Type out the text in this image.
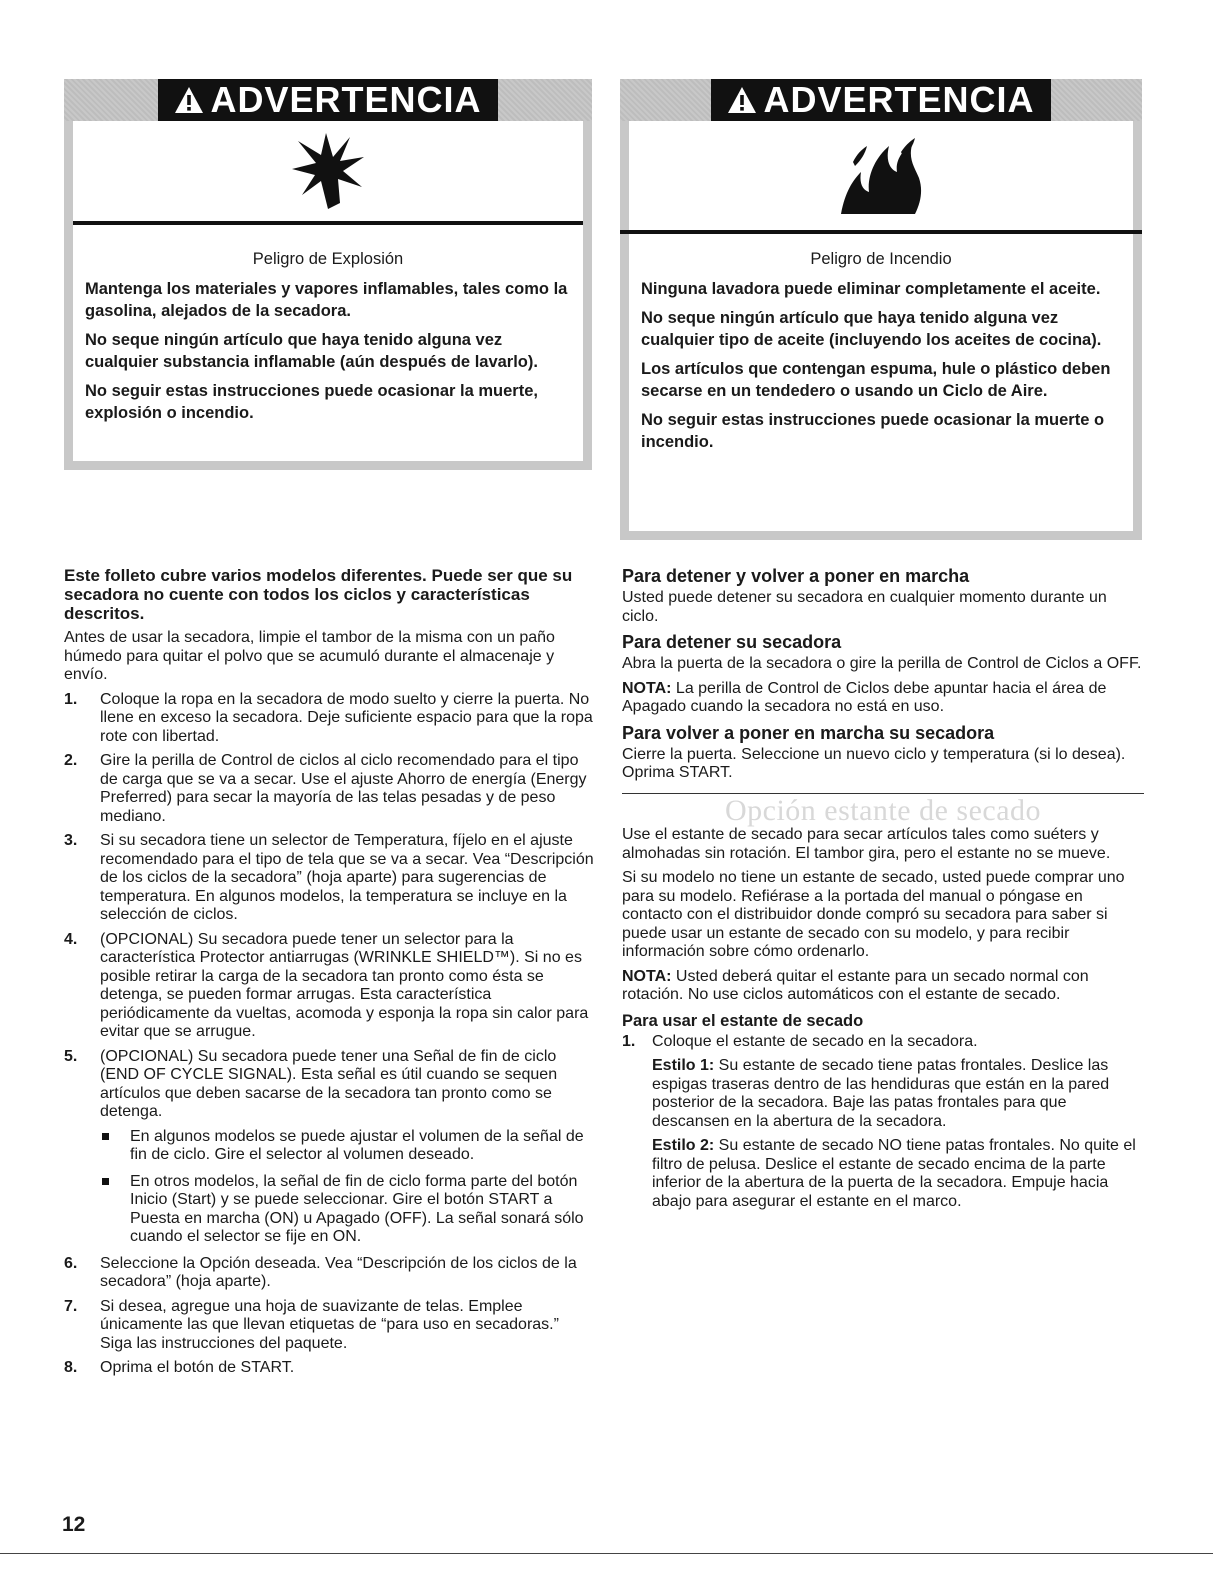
ADVERTENCIA
Peligro de Explosión

Mantenga los materiales y vapores inflamables, tales como la gasolina, alejados de la secadora.

No seque ningún artículo que haya tenido alguna vez cualquier substancia inflamable (aún después de lavarlo).

No seguir estas instrucciones puede ocasionar la muerte, explosión o incendio.

ADVERTENCIA
Peligro de Incendio

Ninguna lavadora puede eliminar completamente el aceite.

No seque ningún artículo que haya tenido alguna vez cualquier tipo de aceite (incluyendo los aceites de cocina).

Los artículos que contengan espuma, hule o plástico deben secarse en un tendedero o usando un Ciclo de Aire.

No seguir estas instrucciones puede ocasionar la muerte o incendio.

Este folleto cubre varios modelos diferentes. Puede ser que su secadora no cuente con todos los ciclos y características descritos.

Antes de usar la secadora, limpie el tambor de la misma con un paño húmedo para quitar el polvo que se acumuló durante el almacenaje y envío.

1. Coloque la ropa en la secadora de modo suelto y cierre la puerta. No llene en exceso la secadora. Deje suficiente espacio para que la ropa rote con libertad.
2. Gire la perilla de Control de ciclos al ciclo recomendado para el tipo de carga que se va a secar. Use el ajuste Ahorro de energía (Energy Preferred) para secar la mayoría de las telas pesadas y de peso mediano.
3. Si su secadora tiene un selector de Temperatura, fíjelo en el ajuste recomendado para el tipo de tela que se va a secar. Vea “Descripción de los ciclos de la secadora” (hoja aparte) para sugerencias de temperatura. En algunos modelos, la temperatura se incluye en la selección de ciclos.
4. (OPCIONAL) Su secadora puede tener un selector para la característica Protector antiarrugas (WRINKLE SHIELD™). Si no es posible retirar la carga de la secadora tan pronto como ésta se detenga, se pueden formar arrugas. Esta característica periódicamente da vueltas, acomoda y esponja la ropa sin calor para evitar que se arrugue.
5. (OPCIONAL) Su secadora puede tener una Señal de fin de ciclo (END OF CYCLE SIGNAL). Esta señal es útil cuando se sequen artículos que deben sacarse de la secadora tan pronto como se detenga.
En algunos modelos se puede ajustar el volumen de la señal de fin de ciclo. Gire el selector al volumen deseado.
En otros modelos, la señal de fin de ciclo forma parte del botón Inicio (Start) y se puede seleccionar. Gire el botón START a Puesta en marcha (ON) u Apagado (OFF). La señal sonará sólo cuando el selector se fije en ON.
6. Seleccione la Opción deseada. Vea “Descripción de los ciclos de la secadora” (hoja aparte).
7. Si desea, agregue una hoja de suavizante de telas. Emplee únicamente las que llevan etiquetas de “para uso en secadoras.” Siga las instrucciones del paquete.
8. Oprima el botón de START.
Para detener y volver a poner en marcha

Usted puede detener su secadora en cualquier momento durante un ciclo.

Para detener su secadora

Abra la puerta de la secadora o gire la perilla de Control de Ciclos a OFF.

NOTA: La perilla de Control de Ciclos debe apuntar hacia el área de Apagado cuando la secadora no está en uso.

Para volver a poner en marcha su secadora

Cierre la puerta. Seleccione un nuevo ciclo y temperatura (si lo desea). Oprima START.

Opción estante de secado

Use el estante de secado para secar artículos tales como suéters y almohadas sin rotación. El tambor gira, pero el estante no se mueve.

Si su modelo no tiene un estante de secado, usted puede comprar uno para su modelo. Refiérase a la portada del manual o póngase en contacto con el distribuidor donde compró su secadora para saber si puede usar un estante de secado con su modelo, y para recibir información sobre cómo ordenarlo.

NOTA: Usted deberá quitar el estante para un secado normal con rotación. No use ciclos automáticos con el estante de secado.

Para usar el estante de secado
1. Coloque el estante de secado en la secadora.

Estilo 1: Su estante de secado tiene patas frontales. Deslice las espigas traseras dentro de las hendiduras que están en la pared posterior de la secadora. Baje las patas frontales para que descansen en la abertura de la secadora.

Estilo 2: Su estante de secado NO tiene patas frontales. No quite el filtro de pelusa. Deslice el estante de secado encima de la parte inferior de la abertura de la puerta de la secadora. Empuje hacia abajo para asegurar el estante en el marco.

12
